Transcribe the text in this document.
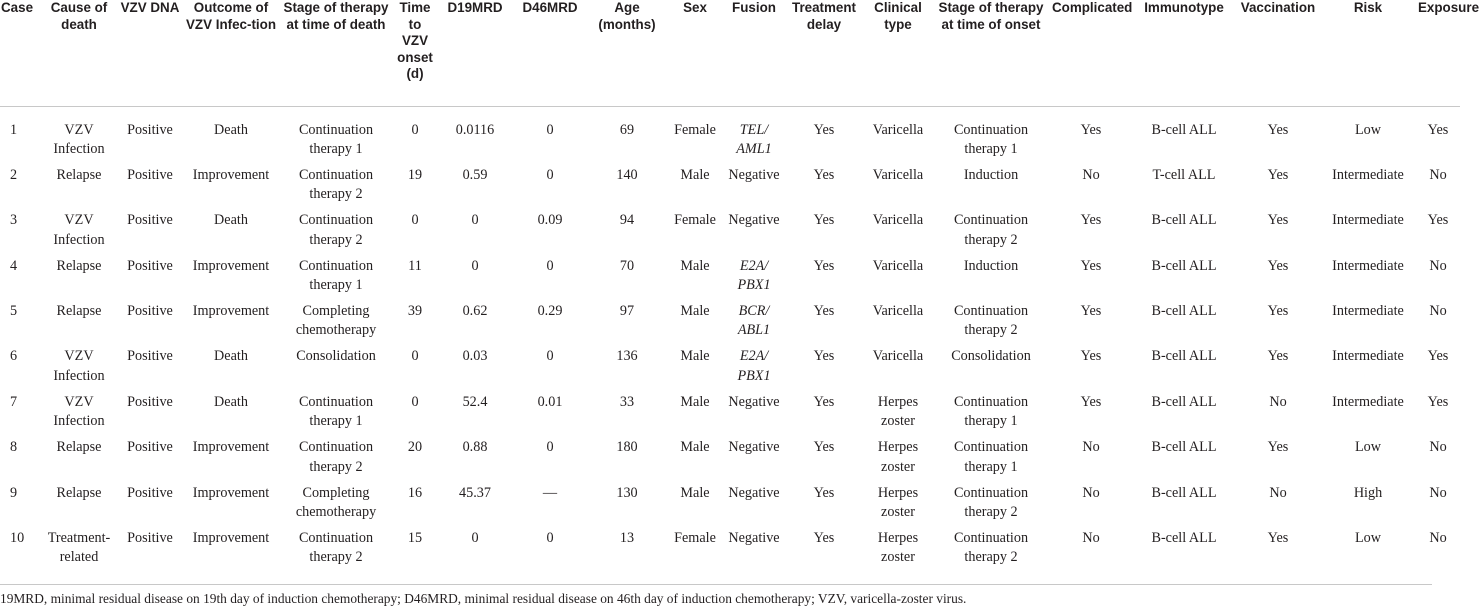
Case	Cause of death	VZV DNA	Outcome of VZV Infec-tion	Stage of therapy at time of death	Time to VZV onset (d)	D19MRD	D46MRD	Age (months)	Sex	Fusion	Treatment delay	Clinical type	Stage of therapy at time of onset	Complicated	Immunotype	Vaccination	Risk	Exposure
1	VZV Infection	Positive	Death	Continuation therapy 1	0	0.0116	0	69	Female	TEL/ AML1	Yes	Varicella	Continuation therapy 1	Yes	B-cell ALL	Yes	Low	Yes
2	Relapse	Positive	Improvement	Continuation therapy 2	19	0.59	0	140	Male	Negative	Yes	Varicella	Induction	No	T-cell ALL	Yes	Intermediate	No
3	VZV Infection	Positive	Death	Continuation therapy 2	0	0	0.09	94	Female	Negative	Yes	Varicella	Continuation therapy 2	Yes	B-cell ALL	Yes	Intermediate	Yes
4	Relapse	Positive	Improvement	Continuation therapy 1	11	0	0	70	Male	E2A/ PBX1	Yes	Varicella	Induction	Yes	B-cell ALL	Yes	Intermediate	No
5	Relapse	Positive	Improvement	Completing chemotherapy	39	0.62	0.29	97	Male	BCR/ ABL1	Yes	Varicella	Continuation therapy 2	Yes	B-cell ALL	Yes	Intermediate	No
6	VZV Infection	Positive	Death	Consolidation	0	0.03	0	136	Male	E2A/ PBX1	Yes	Varicella	Consolidation	Yes	B-cell ALL	Yes	Intermediate	Yes
7	VZV Infection	Positive	Death	Continuation therapy 1	0	52.4	0.01	33	Male	Negative	Yes	Herpes zoster	Continuation therapy 1	Yes	B-cell ALL	No	Intermediate	Yes
8	Relapse	Positive	Improvement	Continuation therapy 2	20	0.88	0	180	Male	Negative	Yes	Herpes zoster	Continuation therapy 1	No	B-cell ALL	Yes	Low	No
9	Relapse	Positive	Improvement	Completing chemotherapy	16	45.37	—	130	Male	Negative	Yes	Herpes zoster	Continuation therapy 2	No	B-cell ALL	No	High	No
10	Treatment-related	Positive	Improvement	Continuation therapy 2	15	0	0	13	Female	Negative	Yes	Herpes zoster	Continuation therapy 2	No	B-cell ALL	Yes	Low	No
19MRD, minimal residual disease on 19th day of induction chemotherapy; D46MRD, minimal residual disease on 46th day of induction chemotherapy; VZV, varicella-zoster virus.
